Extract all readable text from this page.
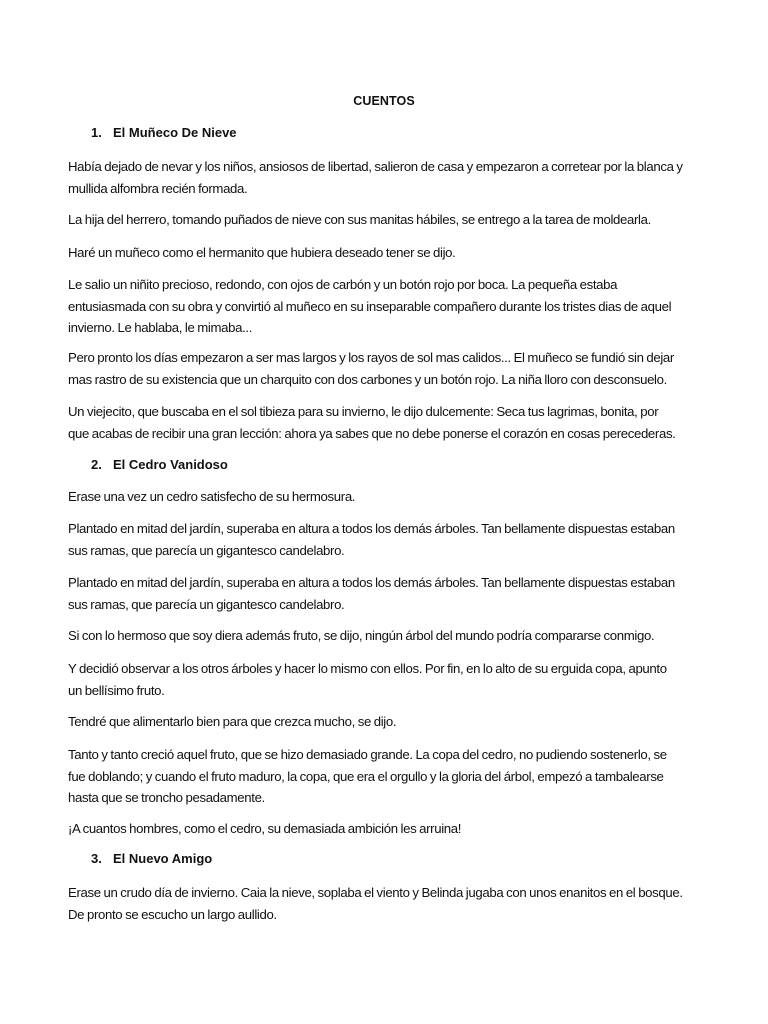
CUENTOS
1. El Muñeco De Nieve
Había dejado de nevar y los niños, ansiosos de libertad, salieron de casa y empezaron a corretear por la blanca y
mullida alfombra recién formada.
La hija del herrero, tomando puñados de nieve con sus manitas hábiles, se entrego a la tarea de moldearla.
Haré un muñeco como el hermanito que hubiera deseado tener se dijo.
Le salio un niñito precioso, redondo, con ojos de carbón y un botón rojo por boca. La pequeña estaba
entusiasmada con su obra y convirtió al muñeco en su inseparable compañero durante los tristes dias de aquel
invierno. Le hablaba, le mimaba...
Pero pronto los días empezaron a ser mas largos y los rayos de sol mas calidos... El muñeco se fundió sin dejar
mas rastro de su existencia que un charquito con dos carbones y un botón rojo. La niña lloro con desconsuelo.
Un viejecito, que buscaba en el sol tibieza para su invierno, le dijo dulcemente: Seca tus lagrimas, bonita, por
que acabas de recibir una gran lección: ahora ya sabes que no debe ponerse el corazón en cosas perecederas.
2. El Cedro Vanidoso
Erase una vez un cedro satisfecho de su hermosura.
Plantado en mitad del jardín, superaba en altura a todos los demás árboles. Tan bellamente dispuestas estaban
sus ramas, que parecía un gigantesco candelabro.
Plantado en mitad del jardín, superaba en altura a todos los demás árboles. Tan bellamente dispuestas estaban
sus ramas, que parecía un gigantesco candelabro.
Si con lo hermoso que soy diera además fruto, se dijo, ningún árbol del mundo podría compararse conmigo.
Y decidió observar a los otros árboles y hacer lo mismo con ellos. Por fin, en lo alto de su erguida copa, apunto
un bellísimo fruto.
Tendré que alimentarlo bien para que crezca mucho, se dijo.
Tanto y tanto creció aquel fruto, que se hizo demasiado grande. La copa del cedro, no pudiendo sostenerlo, se
fue doblando; y cuando el fruto maduro, la copa, que era el orgullo y la gloria del árbol, empezó a tambalearse
hasta que se troncho pesadamente.
¡A cuantos hombres, como el cedro, su demasiada ambición les arruina!
3. El Nuevo Amigo
Erase un crudo día de invierno. Caia la nieve, soplaba el viento y Belinda jugaba con unos enanitos en el bosque.
De pronto se escucho un largo aullido.
